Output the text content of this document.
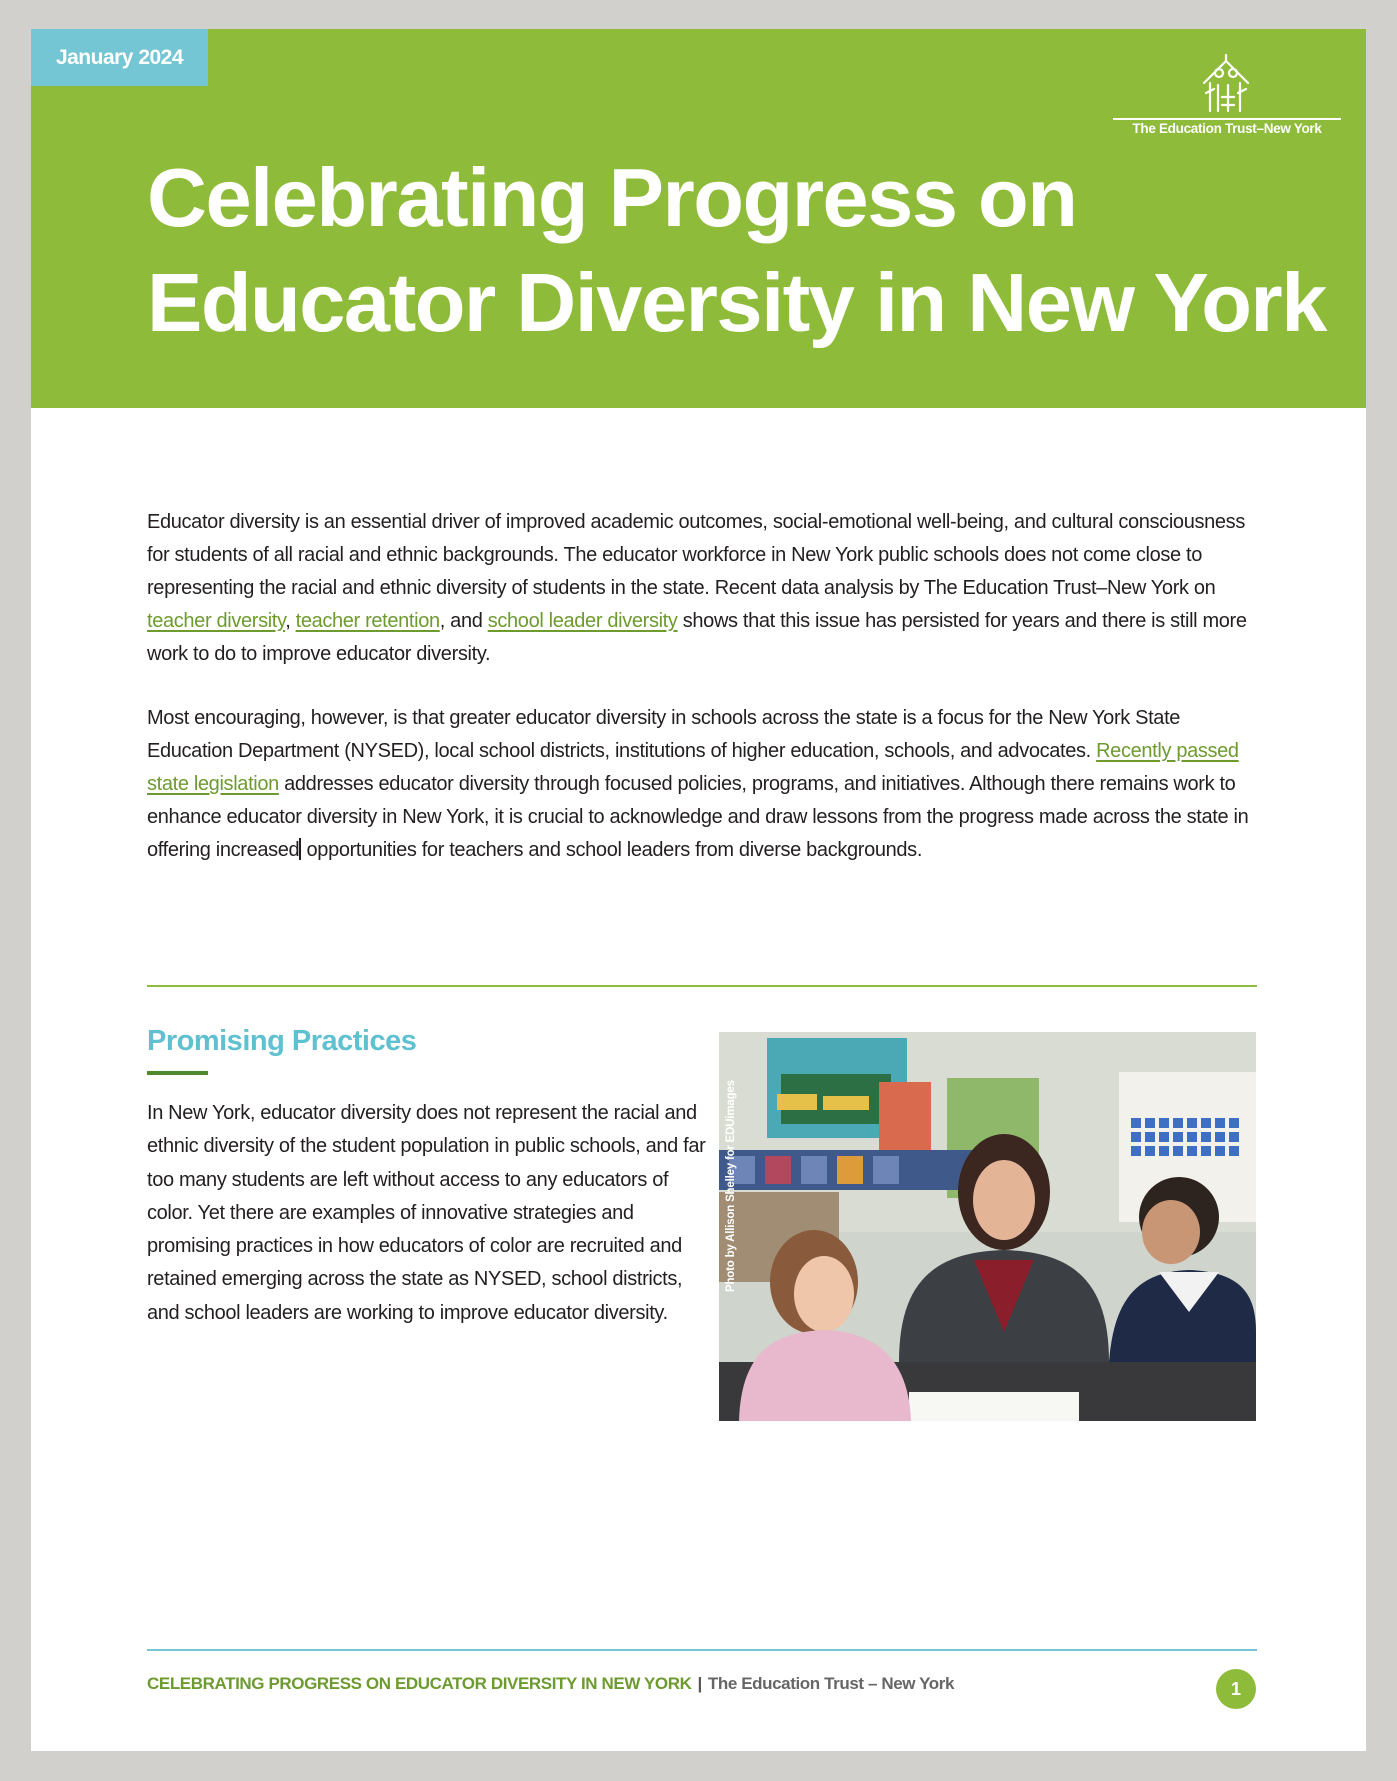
January 2024
The Education Trust–New York
Celebrating Progress on
Educator Diversity in New York

Educator diversity is an essential driver of improved academic outcomes, social-emotional well-being, and cultural consciousness for students of all racial and ethnic backgrounds. The educator workforce in New York public schools does not come close to representing the racial and ethnic diversity of students in the state. Recent data analysis by The Education Trust–New York on teacher diversity, teacher retention, and school leader diversity shows that this issue has persisted for years and there is still more work to do to improve educator diversity.

Most encouraging, however, is that greater educator diversity in schools across the state is a focus for the New York State Education Department (NYSED), local school districts, institutions of higher education, schools, and advocates. Recently passed state legislation addresses educator diversity through focused policies, programs, and initiatives. Although there remains work to enhance educator diversity in New York, it is crucial to acknowledge and draw lessons from the progress made across the state in offering increased opportunities for teachers and school leaders from diverse backgrounds.

Promising Practices

In New York, educator diversity does not represent the racial and ethnic diversity of the student population in public schools, and far too many students are left without access to any educators of color. Yet there are examples of innovative strategies and promising practices in how educators of color are recruited and retained emerging across the state as NYSED, school districts, and school leaders are working to improve educator diversity.

Photo by Allison Shelley for EDUimages
CELEBRATING PROGRESS ON EDUCATOR DIVERSITY IN NEW YORK | The Education Trust – New York	1
